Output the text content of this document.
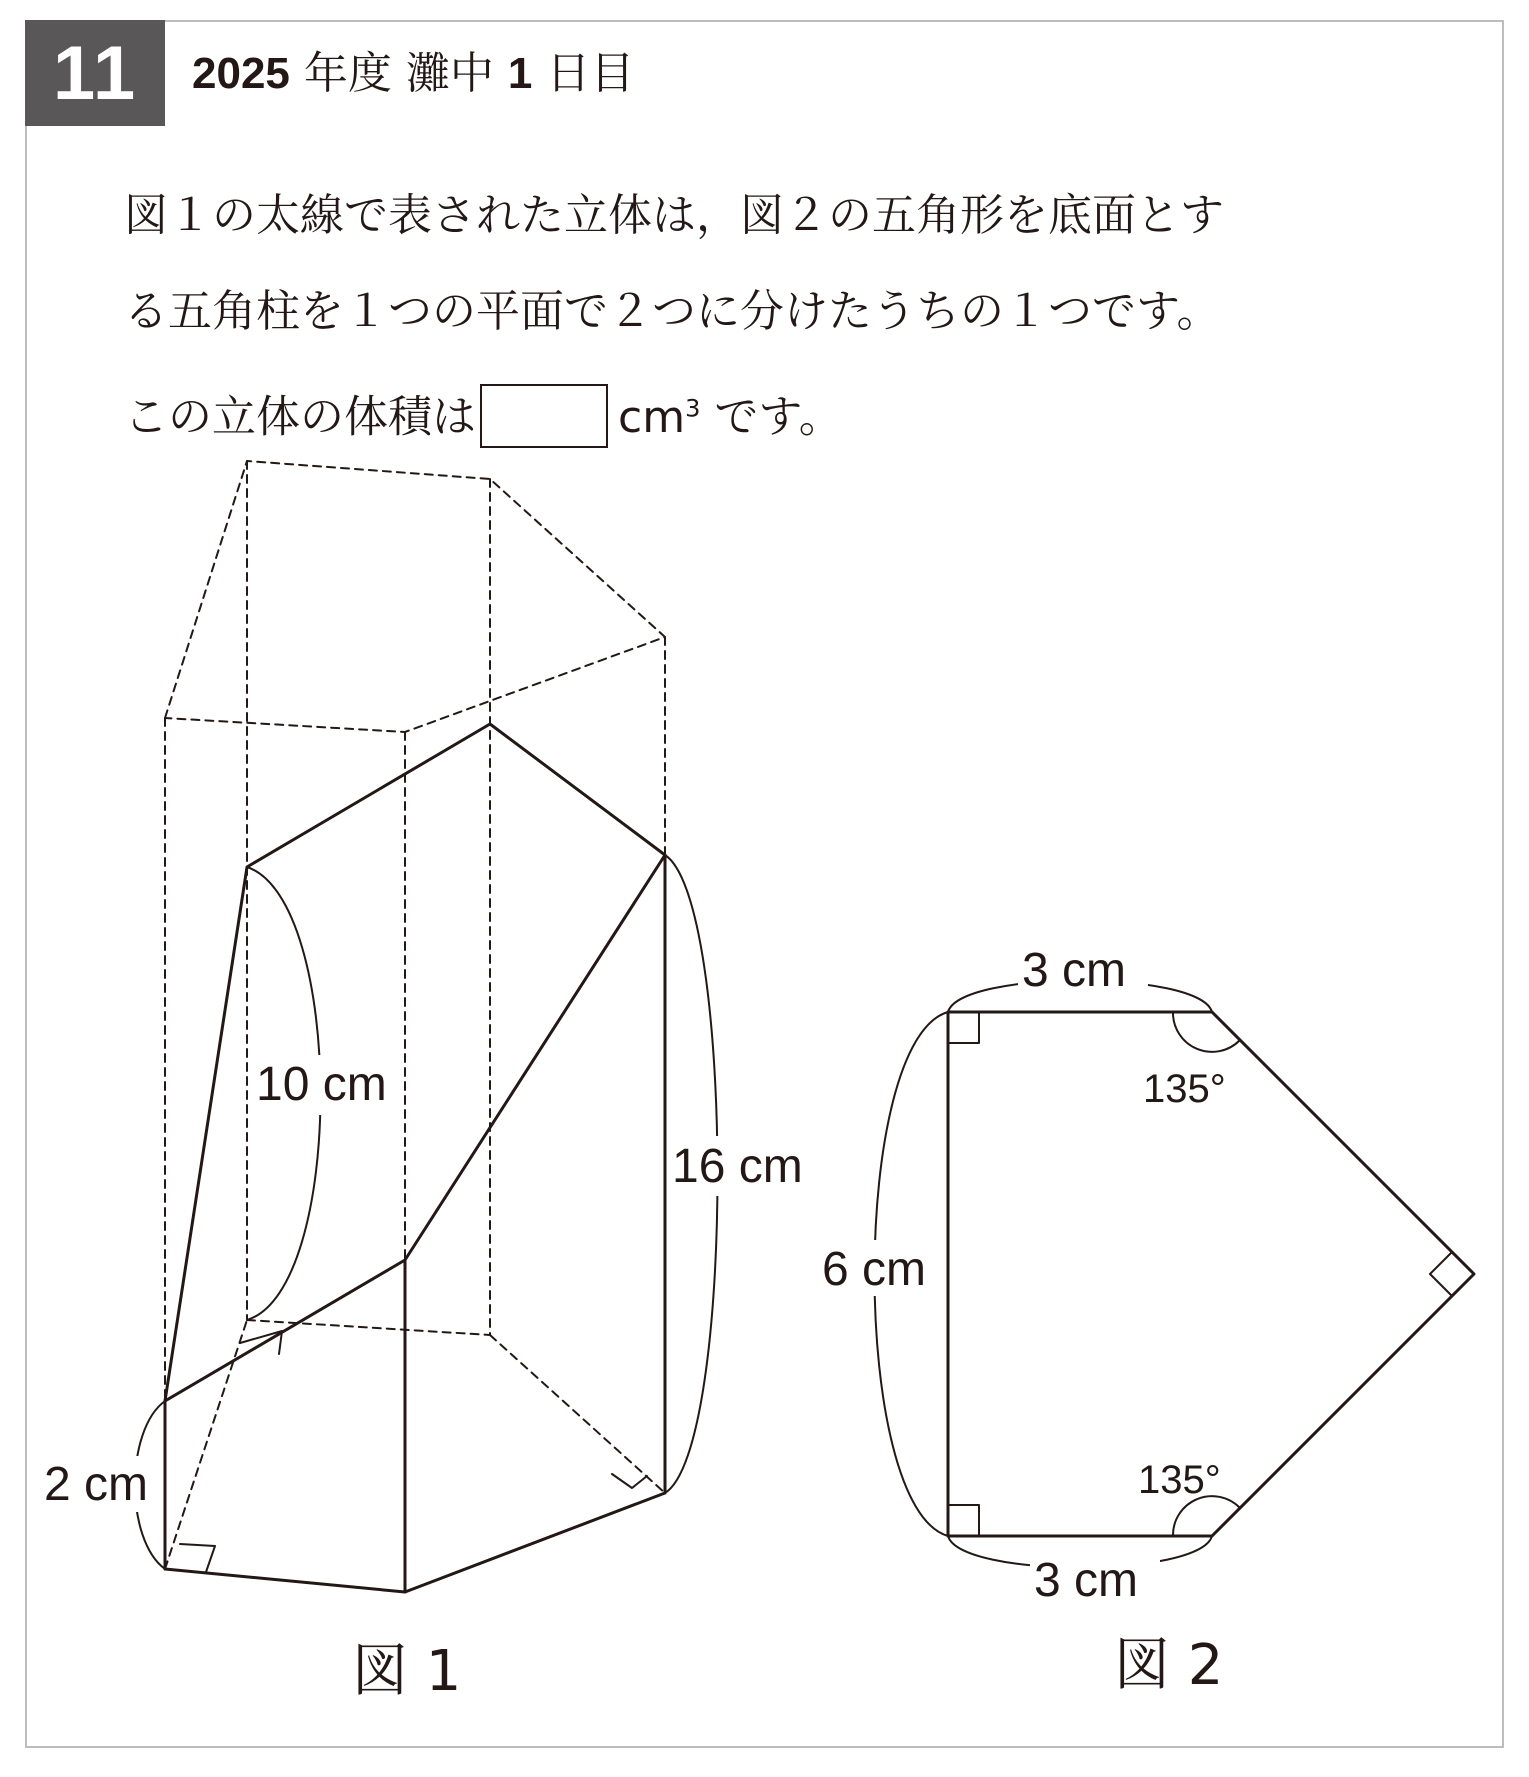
11 2025 年度 灘中 1 日目
図１の太線で表された立体は，図２の五角形を底面とす
る五角柱を１つの平面で２つに分けたうちの１つです。
この立体の体積は	$cm^3$ です。
10 cm
16 cm
2 cm
図 1
3 cm
3 cm
6 cm
135°
135°
図 2
